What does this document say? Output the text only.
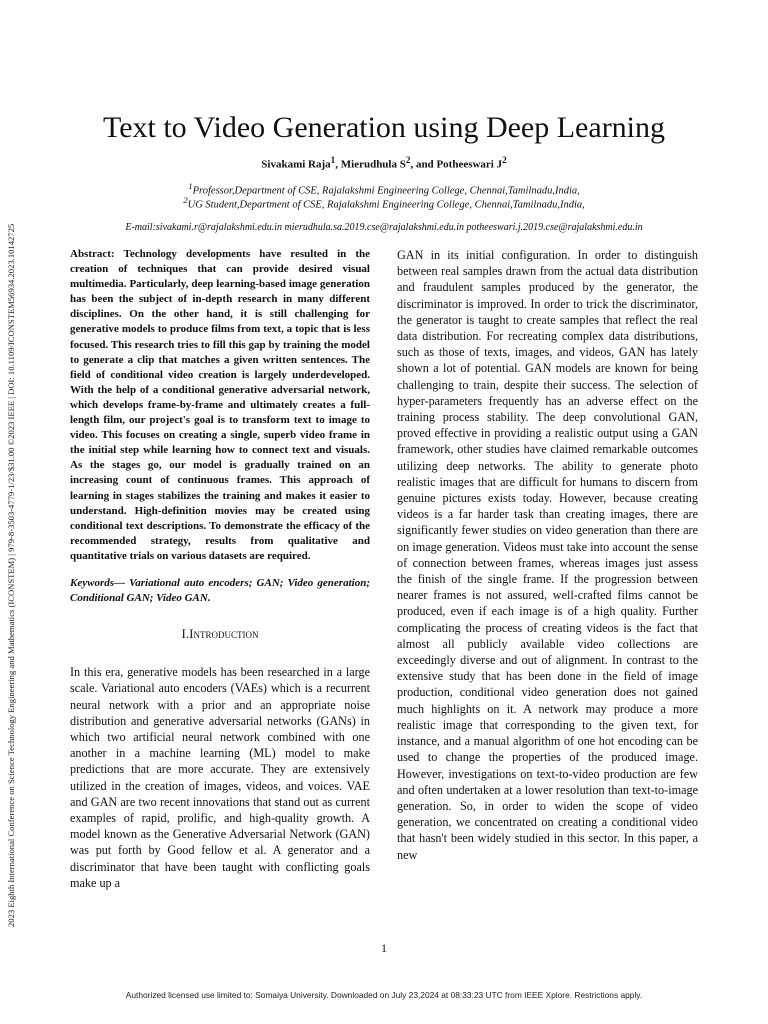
2023 Eighth International Conference on Science Technology Engineering and Mathematics (ICONSTEM) | 979-8-3503-4779-1/23/$31.00 ©2023 IEEE | DOI: 10.1109/ICONSTEM56934.2023.10142725
Text to Video Generation using Deep Learning
Sivakami Raja$^1$, Mierudhula $S^2$, and Potheeswari $J^2$
$^1$Professor,Department of CSE, Rajalakshmi Engineering College, Chennai,Tamilnadu,India,
$^2$UG Student,Department of CSE, Rajalakshmi Engineering College, Chennai,Tamilnadu,India,
E-mail:sivakami.r@rajalakshmi.edu.in mierudhula.sa.2019.cse@rajalakshmi.edu.in potheeswari.j.2019.cse@rajalakshmi.edu.in

Abstract: Technology developments have resulted in the creation of techniques that can provide desired visual multimedia. Particularly, deep learning-based image generation has been the subject of in-depth research in many different disciplines. On the other hand, it is still challenging for generative models to produce films from text, a topic that is less focused. This research tries to fill this gap by training the model to generate a clip that matches a given written sentences. The field of conditional video creation is largely underdeveloped. With the help of a conditional generative adversarial network, which develops frame-by-frame and ultimately creates a full-length film, our project's goal is to transform text to image to video. This focuses on creating a single, superb video frame in the initial step while learning how to connect text and visuals. As the stages go, our model is gradually trained on an increasing count of continuous frames. This approach of learning in stages stabilizes the training and makes it easier to understand. High-definition movies may be created using conditional text descriptions. To demonstrate the efficacy of the recommended strategy, results from qualitative and quantitative trials on various datasets are required.

Keywords— Variational auto encoders; GAN; Video generation; Conditional GAN; Video GAN.

I.Introduction

In this era, generative models has been researched in a large scale. Variational auto encoders (VAEs) which is a recurrent neural network with a prior and an appropriate noise distribution and generative adversarial networks (GANs) in which two artificial neural network combined with one another in a machine learning (ML) model to make predictions that are more accurate. They are extensively utilized in the creation of images, videos, and voices. VAE and GAN are two recent innovations that stand out as current examples of rapid, prolific, and high-quality growth. A model known as the Generative Adversarial Network (GAN) was put forth by Good fellow et al. A generator and a discriminator that have been taught with conflicting goals make up a

GAN in its initial configuration. In order to distinguish between real samples drawn from the actual data distribution and fraudulent samples produced by the generator, the discriminator is improved. In order to trick the discriminator, the generator is taught to create samples that reflect the real data distribution. For recreating complex data distributions, such as those of texts, images, and videos, GAN has lately shown a lot of potential. GAN models are known for being challenging to train, despite their success. The selection of hyper-parameters frequently has an adverse effect on the training process stability. The deep convolutional GAN, proved effective in providing a realistic output using a GAN framework, other studies have claimed remarkable outcomes utilizing deep networks. The ability to generate photo realistic images that are difficult for humans to discern from genuine pictures exists today. However, because creating videos is a far harder task than creating images, there are significantly fewer studies on video generation than there are on image generation. Videos must take into account the sense of connection between frames, whereas images just assess the finish of the single frame. If the progression between nearer frames is not assured, well-crafted films cannot be produced, even if each image is of a high quality. Further complicating the process of creating videos is the fact that almost all publicly available video collections are exceedingly diverse and out of alignment. In contrast to the extensive study that has been done in the field of image production, conditional video generation does not gained much highlights on it. A network may produce a more realistic image that corresponding to the given text, for instance, and a manual algorithm of one hot encoding can be used to change the properties of the produced image. However, investigations on text-to-video production are few and often undertaken at a lower resolution than text-to-image generation. So, in order to widen the scope of video generation, we concentrated on creating a conditional video that hasn't been widely studied in this sector. In this paper, a new

1
Authorized licensed use limited to: Somaiya University. Downloaded on July 23,2024 at 08:33:23 UTC from IEEE Xplore. Restrictions apply.
